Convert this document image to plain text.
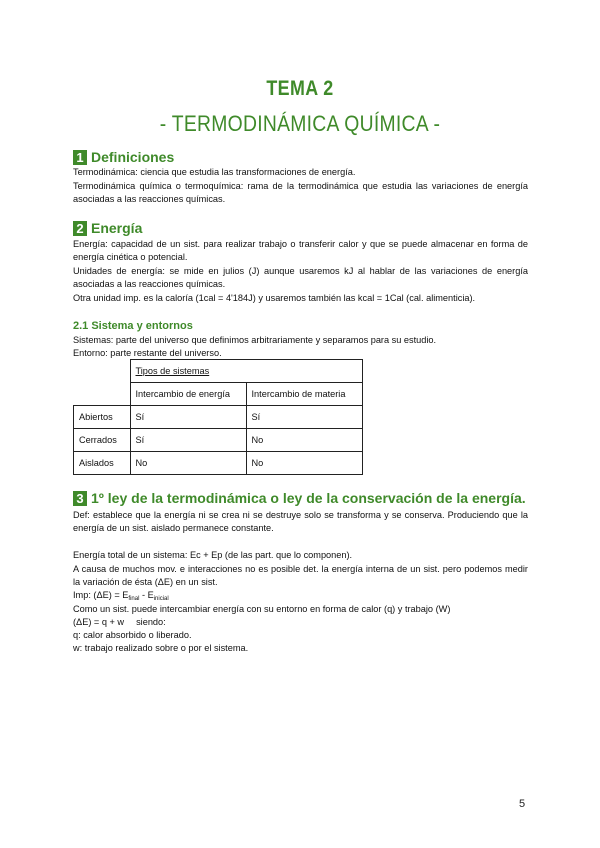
TEMA 2
- TERMODINÁMICA QUÍMICA -
1 Definiciones
Termodinámica: ciencia que estudia las transformaciones de energía.
Termodinámica química o termoquímica: rama de la termodinámica que estudia las variaciones de energía asociadas a las reacciones químicas.
2 Energía
Energía: capacidad de un sist. para realizar trabajo o transferir calor y que se puede almacenar en forma de energía cinética o potencial.
Unidades de energía: se mide en julios (J) aunque usaremos kJ al hablar de las variaciones de energía asociadas a las reacciones químicas.
Otra unidad imp. es la caloría (1cal = 4'184J) y usaremos también las kcal = 1Cal (cal. alimenticia).
2.1 Sistema y entornos
Sistemas: parte del universo que definimos arbitrariamente y separamos para su estudio.
Entorno: parte restante del universo.
	Tipos de sistemas	
	Intercambio de energía	Intercambio de materia
Abiertos	Sí	Sí
Cerrados	Sí	No
Aislados	No	No
3 1º ley de la termodinámica o ley de la conservación de la energía.
Def: establece que la energía ni se crea ni se destruye solo se transforma y se conserva. Produciendo que la energía de un sist. aislado permanece constante.
Energía total de un sistema: Ec + Ep (de las part. que lo componen).
A causa de muchos mov. e interacciones no es posible det. la energía interna de un sist. pero podemos medir la variación de ésta (ΔE) en un sist.
Imp: $(\Delta E) = E_{final} - E_{inicial}$
Como un sist. puede intercambiar energía con su entorno en forma de calor (q) y trabajo (W)
(ΔE) = q + w siendo:
q: calor absorbido o liberado.
w: trabajo realizado sobre o por el sistema.
5
